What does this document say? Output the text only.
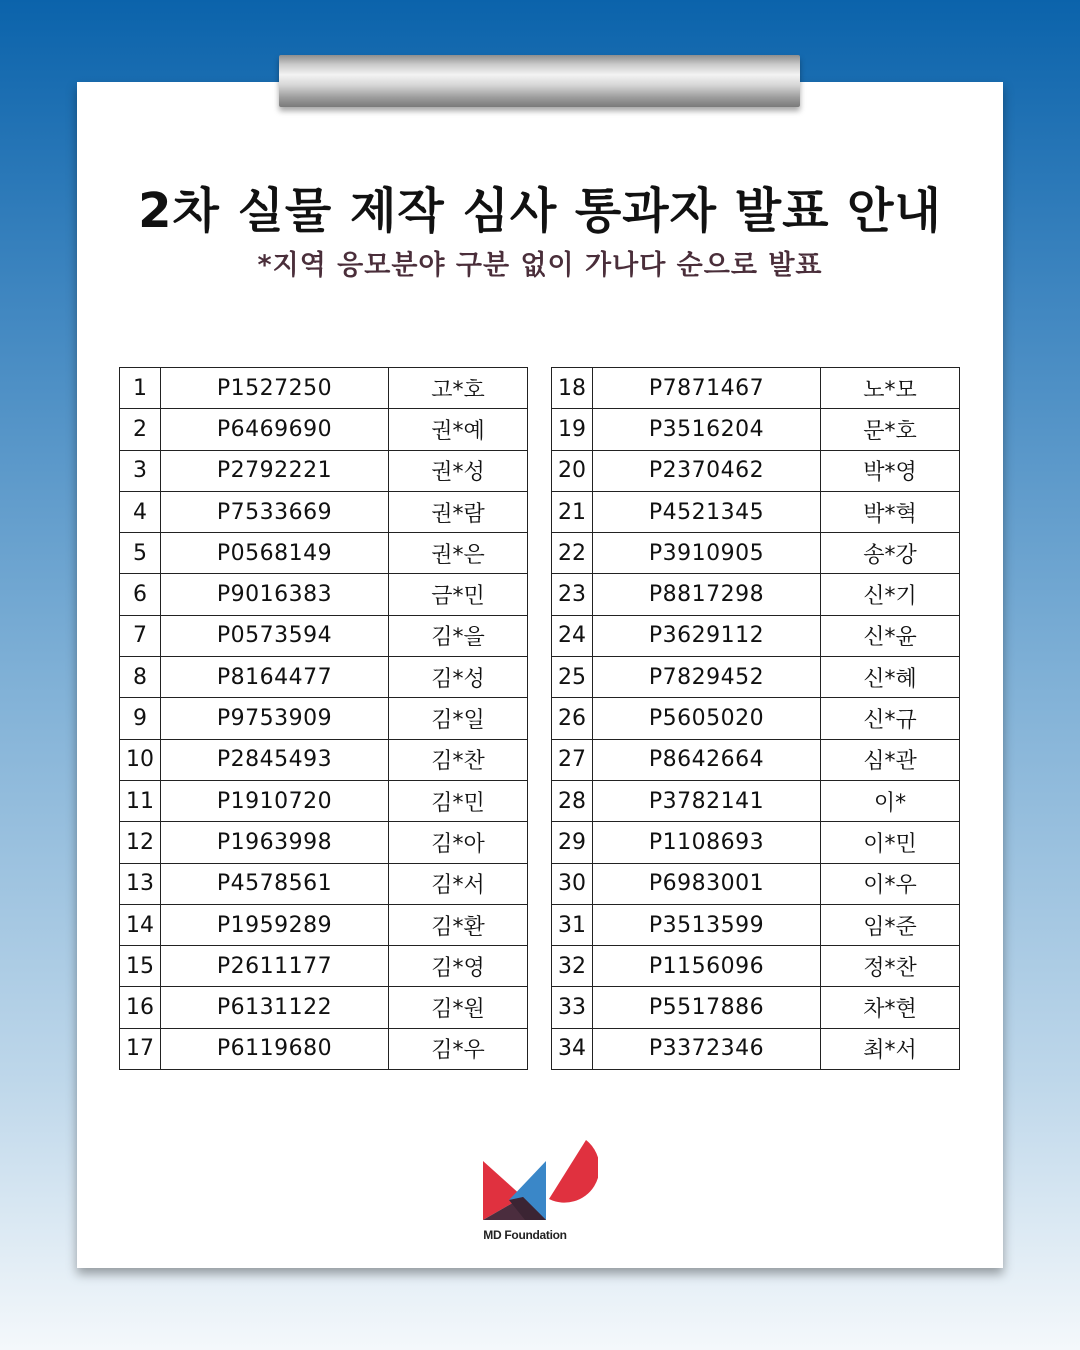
2차 실물 제작 심사 통과자 발표 안내
*지역 응모분야 구분 없이 가나다 순으로 발표
1	P1527250	고*호
2	P6469690	권*예
3	P2792221	권*성
4	P7533669	권*람
5	P0568149	권*은
6	P9016383	금*민
7	P0573594	김*을
8	P8164477	김*성
9	P9753909	김*일
10	P2845493	김*찬
11	P1910720	김*민
12	P1963998	김*아
13	P4578561	김*서
14	P1959289	김*환
15	P2611177	김*영
16	P6131122	김*원
17	P6119680	김*우
18	P7871467	노*모
19	P3516204	문*호
20	P2370462	박*영
21	P4521345	박*혁
22	P3910905	송*강
23	P8817298	신*기
24	P3629112	신*윤
25	P7829452	신*혜
26	P5605020	신*규
27	P8642664	심*관
28	P3782141	이*
29	P1108693	이*민
30	P6983001	이*우
31	P3513599	임*준
32	P1156096	정*찬
33	P5517886	차*현
34	P3372346	최*서
MD Foundation
